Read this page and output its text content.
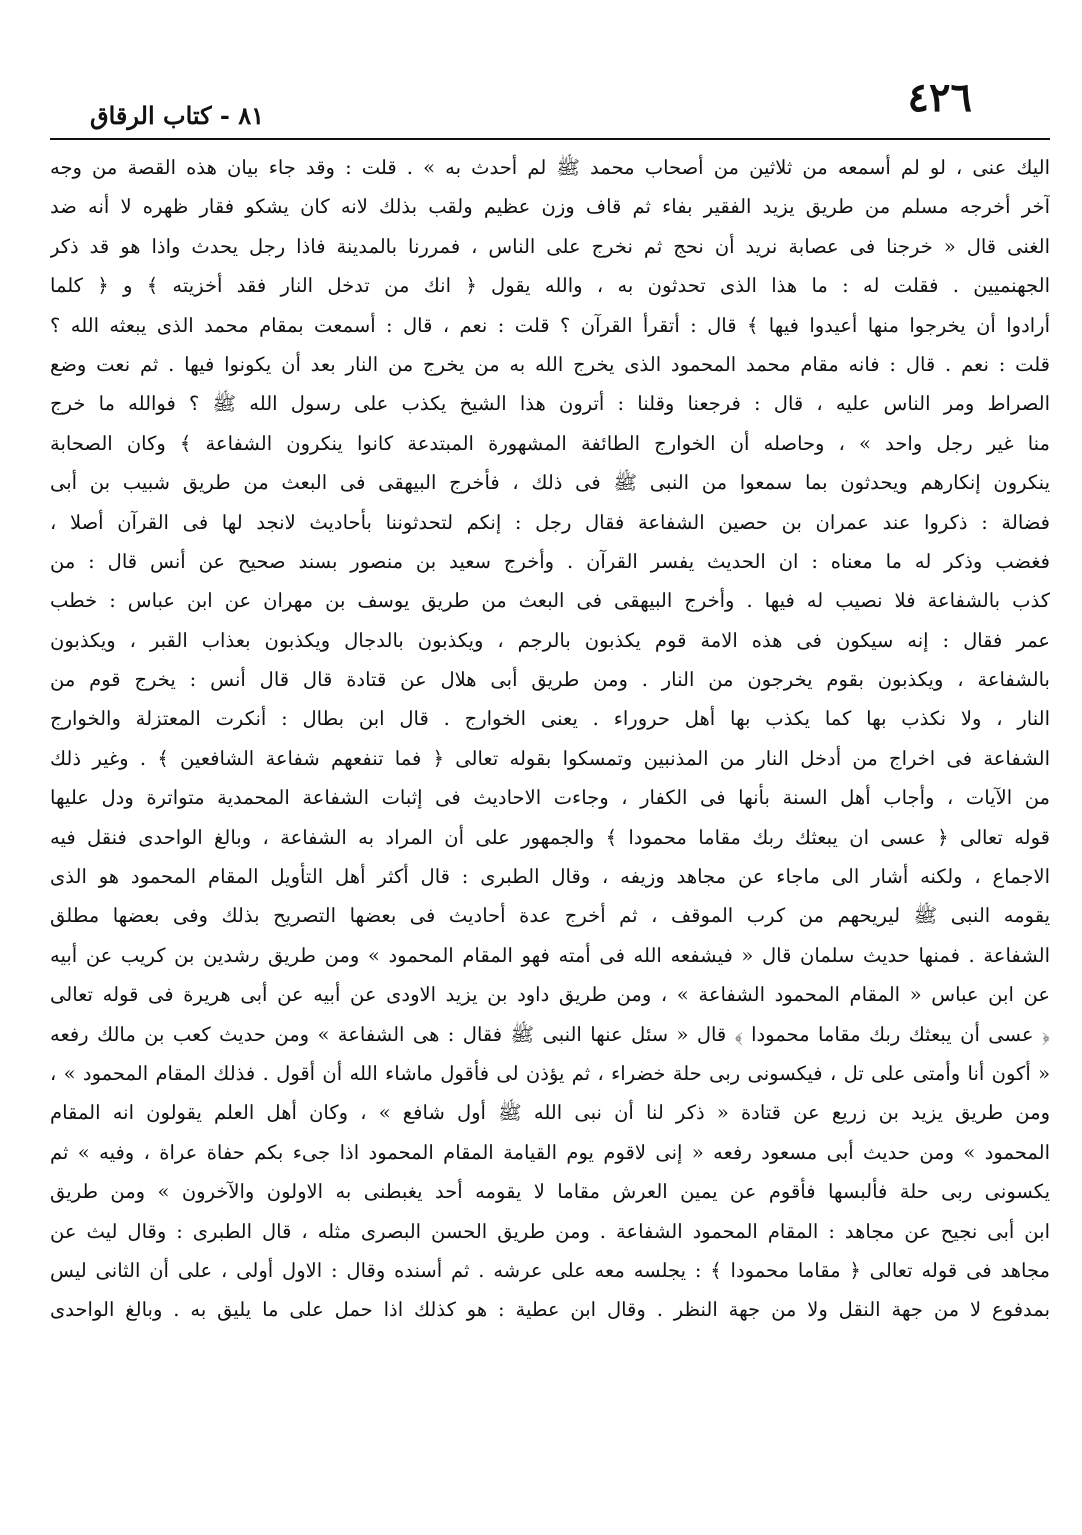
٤٢٦
٨١ - كتاب الرقاق
اليك عنى ، لو لم أسمعه من ثلاثين من أصحاب محمد ﷺ لم أحدث به » . قلت : وقد جاء بيان هذه القصة من وجه
آخر أخرجه مسلم من طريق يزيد الفقير بفاء ثم قاف وزن عظيم ولقب بذلك لانه كان يشكو فقار ظهره لا أنه ضد
الغنى قال « خرجنا فى عصابة نريد أن نحج ثم نخرج على الناس ، فمررنا بالمدينة فاذا رجل يحدث واذا هو قد ذكر
الجهنميين . فقلت له : ما هذا الذى تحدثون به ، والله يقول ﴿ انك من تدخل النار فقد أخزيته ﴾ و ﴿ كلما
أرادوا أن يخرجوا منها أعيدوا فيها ﴾ قال : أتقرأ القرآن ؟ قلت : نعم ، قال : أسمعت بمقام محمد الذى يبعثه الله ؟
قلت : نعم . قال : فانه مقام محمد المحمود الذى يخرج الله به من يخرج من النار بعد أن يكونوا فيها . ثم نعت وضع
الصراط ومر الناس عليه ، قال : فرجعنا وقلنا : أترون هذا الشيخ يكذب على رسول الله ﷺ ؟ فوالله ما خرج
منا غير رجل واحد » ، وحاصله أن الخوارج الطائفة المشهورة المبتدعة كانوا ينكرون الشفاعة ﴾ وكان الصحابة
ينكرون إنكارهم ويحدثون بما سمعوا من النبى ﷺ فى ذلك ، فأخرج البيهقى فى البعث من طريق شبيب بن أبى
فضالة : ذكروا عند عمران بن حصين الشفاعة فقال رجل : إنكم لتحدثوننا بأحاديث لانجد لها فى القرآن أصلا ،
فغضب وذكر له ما معناه : ان الحديث يفسر القرآن . وأخرج سعيد بن منصور بسند صحيح عن أنس قال : من
كذب بالشفاعة فلا نصيب له فيها . وأخرج البيهقى فى البعث من طريق يوسف بن مهران عن ابن عباس : خطب
عمر فقال : إنه سيكون فى هذه الامة قوم يكذبون بالرجم ، ويكذبون بالدجال ويكذبون بعذاب القبر ، ويكذبون
بالشفاعة ، ويكذبون بقوم يخرجون من النار . ومن طريق أبى هلال عن قتادة قال قال أنس : يخرج قوم من
النار ، ولا نكذب بها كما يكذب بها أهل حروراء . يعنى الخوارج . قال ابن بطال : أنكرت المعتزلة والخوارج
الشفاعة فى اخراج من أدخل النار من المذنبين وتمسكوا بقوله تعالى ﴿ فما تنفعهم شفاعة الشافعين ﴾ . وغير ذلك
من الآيات ، وأجاب أهل السنة بأنها فى الكفار ، وجاءت الاحاديث فى إثبات الشفاعة المحمدية متواترة ودل عليها
قوله تعالى ﴿ عسى ان يبعثك ربك مقاما محمودا ﴾ والجمهور على أن المراد به الشفاعة ، وبالغ الواحدى فنقل فيه
الاجماع ، ولكنه أشار الى ماجاء عن مجاهد وزيفه ، وقال الطبرى : قال أكثر أهل التأويل المقام المحمود هو الذى
يقومه النبى ﷺ ليريحهم من كرب الموقف ، ثم أخرج عدة أحاديث فى بعضها التصريح بذلك وفى بعضها مطلق
الشفاعة . فمنها حديث سلمان قال « فيشفعه الله فى أمته فهو المقام المحمود » ومن طريق رشدين بن كريب عن أبيه
عن ابن عباس « المقام المحمود الشفاعة » ، ومن طريق داود بن يزيد الاودى عن أبيه عن أبى هريرة فى قوله تعالى
﴿ عسى أن يبعثك ربك مقاما محمودا ﴾ قال « سئل عنها النبى ﷺ فقال : هى الشفاعة » ومن حديث كعب بن مالك رفعه
« أكون أنا وأمتى على تل ، فيكسونى ربى حلة خضراء ، ثم يؤذن لى فأقول ماشاء الله أن أقول . فذلك المقام المحمود » ،
ومن طريق يزيد بن زريع عن قتادة « ذكر لنا أن نبى الله ﷺ أول شافع » ، وكان أهل العلم يقولون انه المقام
المحمود » ومن حديث أبى مسعود رفعه « إنى لاقوم يوم القيامة المقام المحمود اذا جىء بكم حفاة عراة ، وفيه » ثم
يكسونى ربى حلة فألبسها فأقوم عن يمين العرش مقاما لا يقومه أحد يغبطنى به الاولون والآخرون » ومن طريق
ابن أبى نجيح عن مجاهد : المقام المحمود الشفاعة . ومن طريق الحسن البصرى مثله ، قال الطبرى : وقال ليث عن
مجاهد فى قوله تعالى ﴿ مقاما محمودا ﴾ : يجلسه معه على عرشه . ثم أسنده وقال : الاول أولى ، على أن الثانى ليس
بمدفوع لا من جهة النقل ولا من جهة النظر . وقال ابن عطية : هو كذلك اذا حمل على ما يليق به . وبالغ الواحدى
